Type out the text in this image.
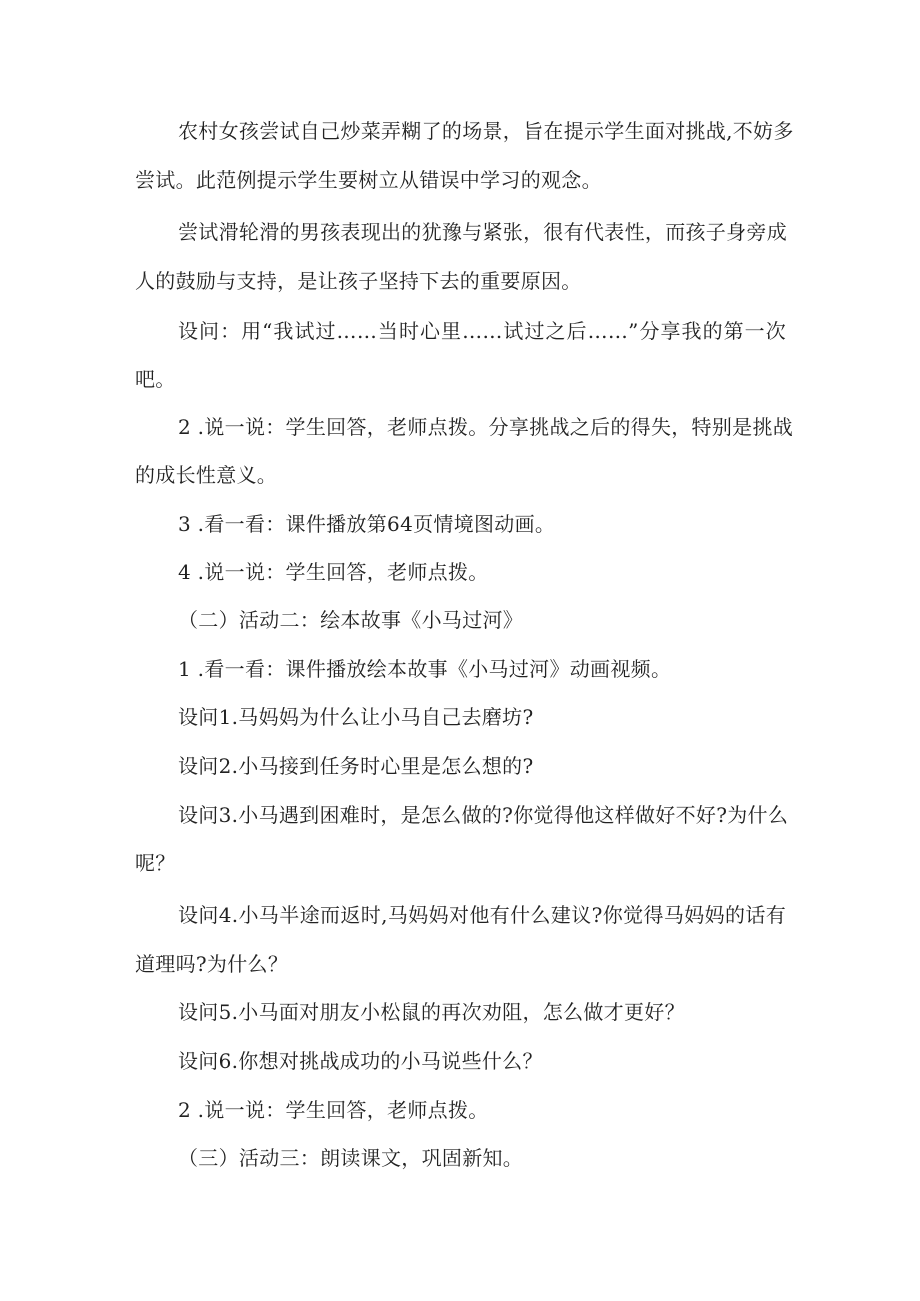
农村女孩尝试自己炒菜弄糊了的场景，旨在提示学生面对挑战,不妨多
尝试。此范例提示学生要树立从错误中学习的观念。
尝试滑轮滑的男孩表现出的犹豫与紧张，很有代表性，而孩子身旁成
人的鼓励与支持，是让孩子坚持下去的重要原因。
设问：用“我试过……当时心里……试过之后……”分享我的第一次
吧。
2 .说一说：学生回答，老师点拨。分享挑战之后的得失，特别是挑战
的成长性意义。
3 .看一看：课件播放第64页情境图动画。
4 .说一说：学生回答，老师点拨。
（二）活动二：绘本故事《小马过河》
1 .看一看：课件播放绘本故事《小马过河》动画视频。
设问1.马妈妈为什么让小马自己去磨坊?
设问2.小马接到任务时心里是怎么想的?
设问3.小马遇到困难时，是怎么做的?你觉得他这样做好不好?为什么
呢？
设问4.小马半途而返时,马妈妈对他有什么建议?你觉得马妈妈的话有
道理吗?为什么？
设问5.小马面对朋友小松鼠的再次劝阻，怎么做才更好？
设问6.你想对挑战成功的小马说些什么？
2 .说一说：学生回答，老师点拨。
（三）活动三：朗读课文，巩固新知。
